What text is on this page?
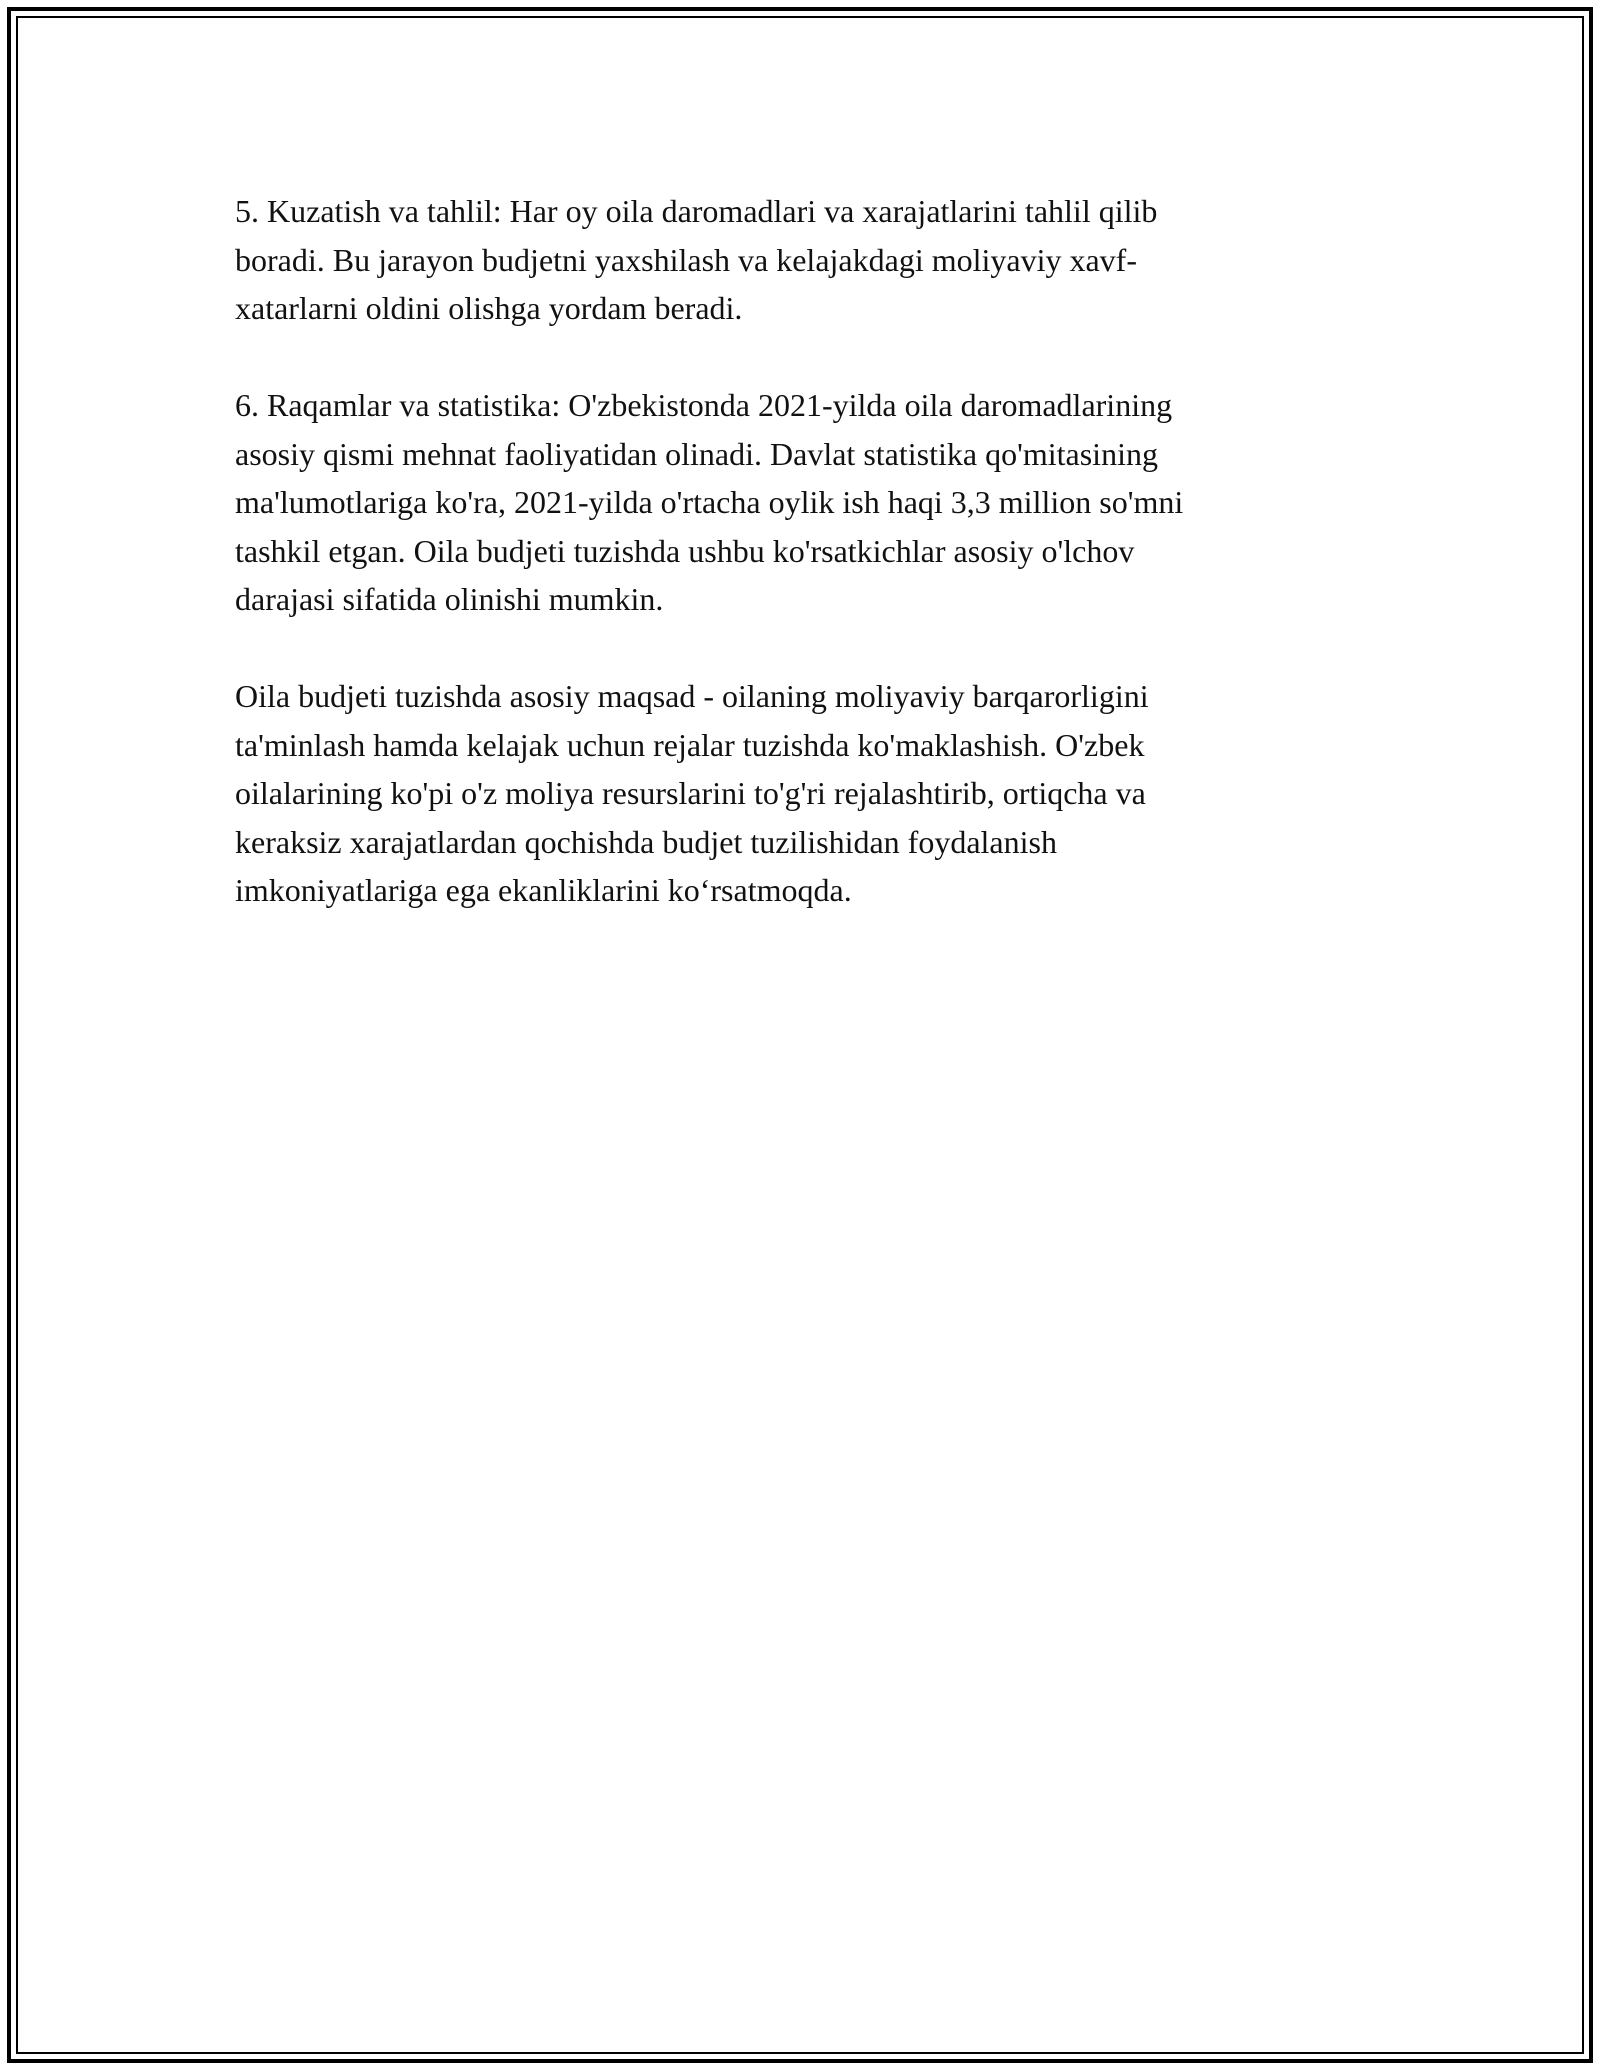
5. Kuzatish va tahlil: Har oy oila daromadlari va xarajatlarini tahlil qilib
boradi. Bu jarayon budjetni yaxshilash va kelajakdagi moliyaviy xavf-
xatarlarni oldini olishga yordam beradi.

6. Raqamlar va statistika: O'zbekistonda 2021-yilda oila daromadlarining
asosiy qismi mehnat faoliyatidan olinadi. Davlat statistika qo'mitasining
ma'lumotlariga ko'ra, 2021-yilda o'rtacha oylik ish haqi 3,3 million so'mni
tashkil etgan. Oila budjeti tuzishda ushbu ko'rsatkichlar asosiy o'lchov
darajasi sifatida olinishi mumkin.

Oila budjeti tuzishda asosiy maqsad - oilaning moliyaviy barqarorligini
ta'minlash hamda kelajak uchun rejalar tuzishda ko'maklashish. O'zbek
oilalarining ko'pi o'z moliya resurslarini to'g'ri rejalashtirib, ortiqcha va
keraksiz xarajatlardan qochishda budjet tuzilishidan foydalanish
imkoniyatlariga ega ekanliklarini ko‘rsatmoqda.
